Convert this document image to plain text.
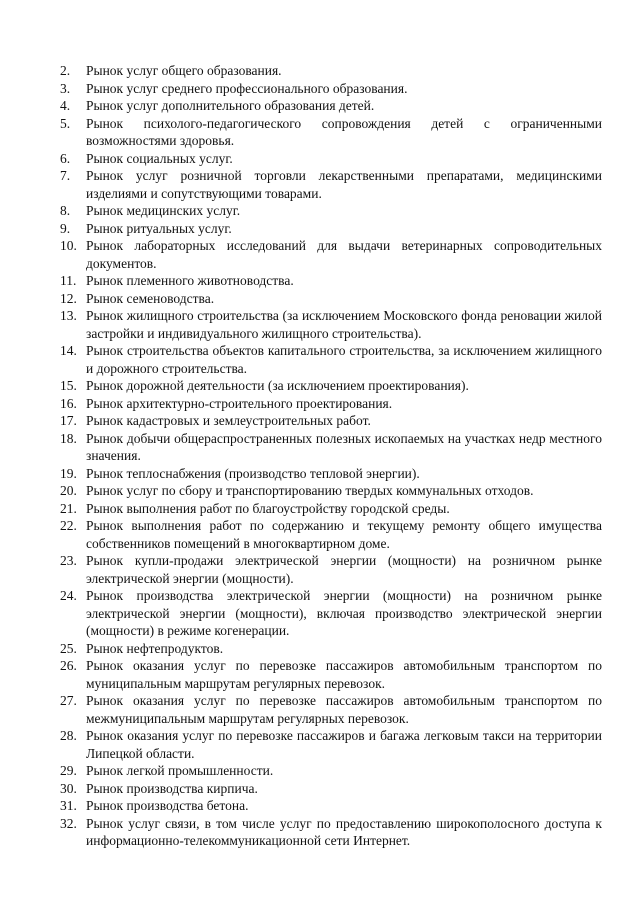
2.	Рынок услуг общего образования.
3.	Рынок услуг среднего профессионального образования.
4.	Рынок услуг дополнительного образования детей.
5.	Рынок психолого-педагогического сопровождения детей с ограниченными возможностями здоровья.
6.	Рынок социальных услуг.
7.	Рынок услуг розничной торговли лекарственными препаратами, медицинскими изделиями и сопутствующими товарами.
8.	Рынок медицинских услуг.
9.	Рынок ритуальных услуг.
10. Рынок лабораторных исследований для выдачи ветеринарных сопроводительных документов.
11. Рынок племенного животноводства.
12. Рынок семеноводства.
13. Рынок жилищного строительства (за исключением Московского фонда реновации жилой застройки и индивидуального жилищного строительства).
14. Рынок строительства объектов капитального строительства, за исключением жилищного и дорожного строительства.
15. Рынок дорожной деятельности (за исключением проектирования).
16. Рынок архитектурно-строительного проектирования.
17. Рынок кадастровых и землеустроительных работ.
18. Рынок добычи общераспространенных полезных ископаемых на участках недр местного значения.
19. Рынок теплоснабжения (производство тепловой энергии).
20. Рынок услуг по сбору и транспортированию твердых коммунальных отходов.
21. Рынок выполнения работ по благоустройству городской среды.
22. Рынок выполнения работ по содержанию и текущему ремонту общего имущества собственников помещений в многоквартирном доме.
23. Рынок купли-продажи электрической энергии (мощности) на розничном рынке электрической энергии (мощности).
24. Рынок производства электрической энергии (мощности) на розничном рынке электрической энергии (мощности), включая производство электрической энергии (мощности) в режиме когенерации.
25. Рынок нефтепродуктов.
26. Рынок оказания услуг по перевозке пассажиров автомобильным транспортом по муниципальным маршрутам регулярных перевозок.
27. Рынок оказания услуг по перевозке пассажиров автомобильным транспортом по межмуниципальным маршрутам регулярных перевозок.
28. Рынок оказания услуг по перевозке пассажиров и багажа легковым такси на территории Липецкой области.
29. Рынок легкой промышленности.
30. Рынок производства кирпича.
31. Рынок производства бетона.
32. Рынок услуг связи, в том числе услуг по предоставлению широкополосного доступа к информационно-телекоммуникационной сети Интернет.
